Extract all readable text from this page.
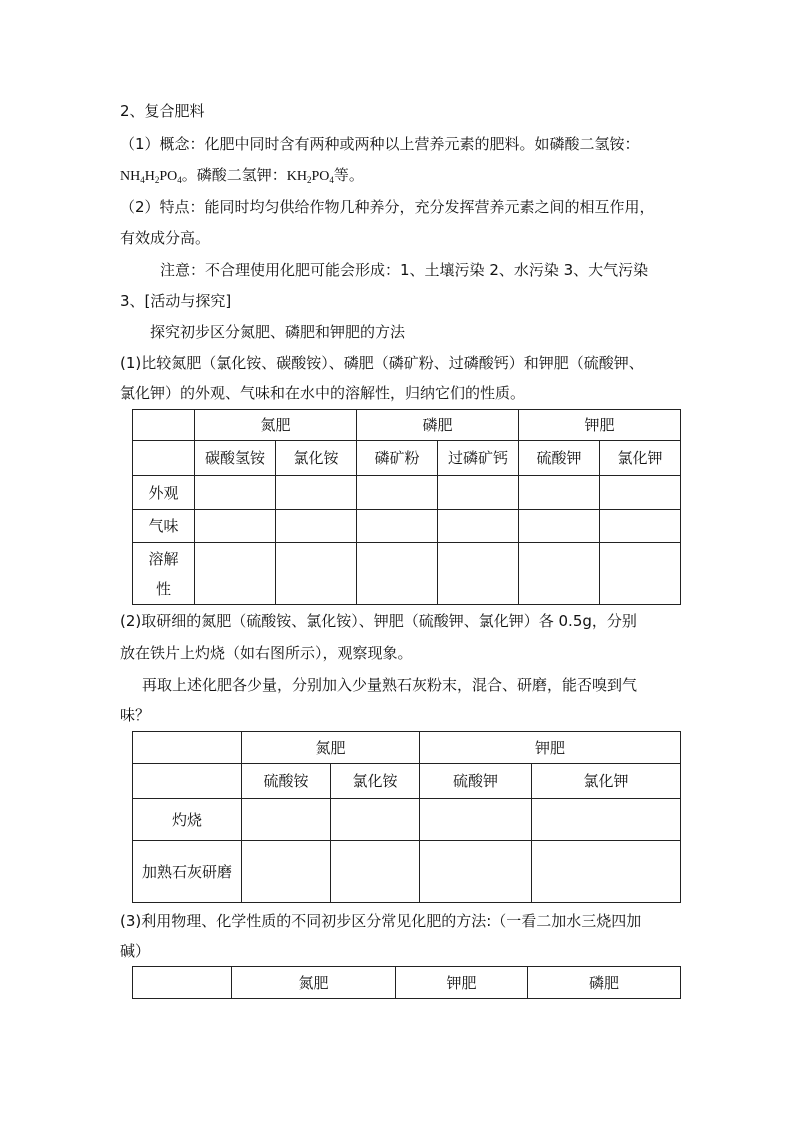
2、复合肥料
（1）概念：化肥中同时含有两种或两种以上营养元素的肥料。如磷酸二氢铵：
$NH_4H_2PO_4$。磷酸二氢钾：$KH_2PO_4$等。
（2）特点：能同时均匀供给作物几种养分，充分发挥营养元素之间的相互作用，
有效成分高。
注意：不合理使用化肥可能会形成：1、土壤污染 2、水污染 3、大气污染
3、[活动与探究]
探究初步区分氮肥、磷肥和钾肥的方法
(1)比较氮肥（氯化铵、碳酸铵）、磷肥（磷矿粉、过磷酸钙）和钾肥（硫酸钾、
氯化钾）的外观、气味和在水中的溶解性，归纳它们的性质。
	氮肥		磷肥		钾肥	
	碳酸氢铵	氯化铵	磷矿粉	过磷矿钙	硫酸钾	氯化钾
外观						
气味						
溶解性						
(2)取研细的氮肥（硫酸铵、氯化铵）、钾肥（硫酸钾、氯化钾）各 0.5g，分别
放在铁片上灼烧（如右图所示），观察现象。
再取上述化肥各少量，分别加入少量熟石灰粉末，混合、研磨，能否嗅到气
味？
	氮肥		钾肥	
	硫酸铵	氯化铵	硫酸钾	氯化钾
灼烧				
加熟石灰研磨				
(3)利用物理、化学性质的不同初步区分常见化肥的方法:（一看二加水三烧四加
碱）
	氮肥	钾肥	磷肥
